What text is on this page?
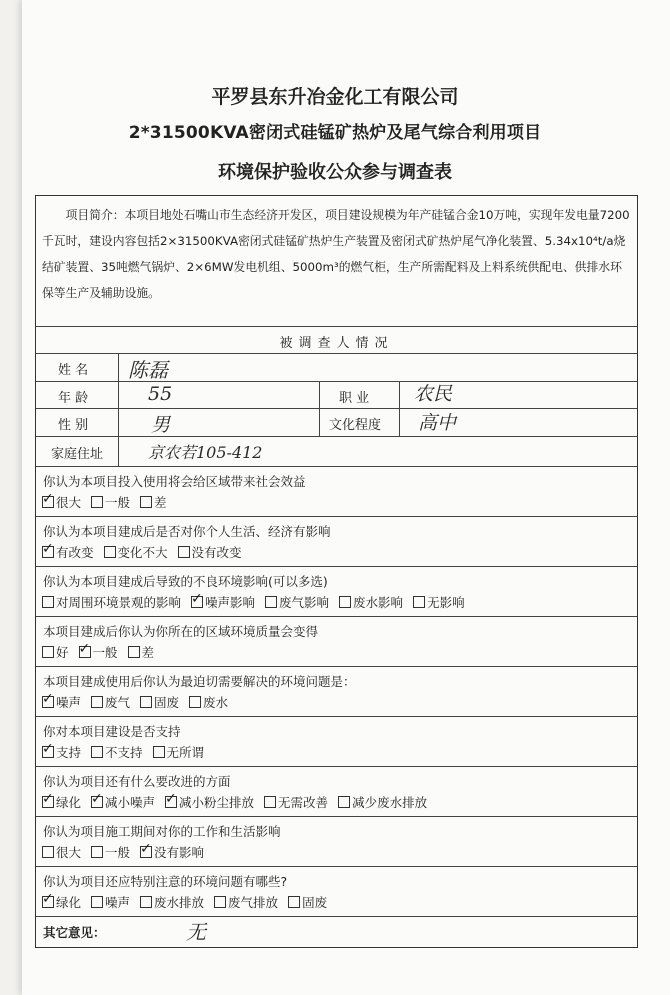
平罗县东升冶金化工有限公司
2*31500KVA密闭式硅锰矿热炉及尾气综合利用项目
环境保护验收公众参与调查表
项目简介：本项目地处石嘴山市生态经济开发区，项目建设规模为年产硅锰合金10万吨，实现年发电量7200千瓦时，建设内容包括2×31500KVA密闭式硅锰矿热炉生产装置及密闭式矿热炉尾气净化装置、5.34x10⁴t/a烧结矿装置、35吨燃气锅炉、2×6MW发电机组、5000m³的燃气柜，生产所需配料及上料系统供配电、供排水环保等生产及辅助设施。
被调查人情况
姓 名 陈磊
年 龄	55	职 业 农民
性 别	男	文化程度 高中
家庭住址	京农若105-412
你认为本项目投入使用将会给区域带来社会效益
✓很大 一般 差
你认为本项目建成后是否对你个人生活、经济有影响
✓有改变 变化不大 没有改变
你认为本项目建成后导致的不良环境影响(可以多选)
对周围环境景观的影响 ✓ 噪声影响 废气影响 废水影响 无影响
本项目建成后你认为你所在的区域环境质量会变得
好 ✓ 一般 差
本项目建成使用后你认为最迫切需要解决的环境问题是：
✓噪声 废气 固废 废水
你对本项目建设是否支持
✓支持 不支持 无所谓
你认为项目还有什么要改进的方面
✓绿化 ✓ 减小噪声 ✓ 减小粉尘排放 无需改善 减少废水排放
你认为项目施工期间对你的工作和生活影响
很大 一般 ✓ 没有影响
你认为项目还应特别注意的环境问题有哪些?
✓绿化 噪声 废水排放 废气排放 固废
其它意见：	无
